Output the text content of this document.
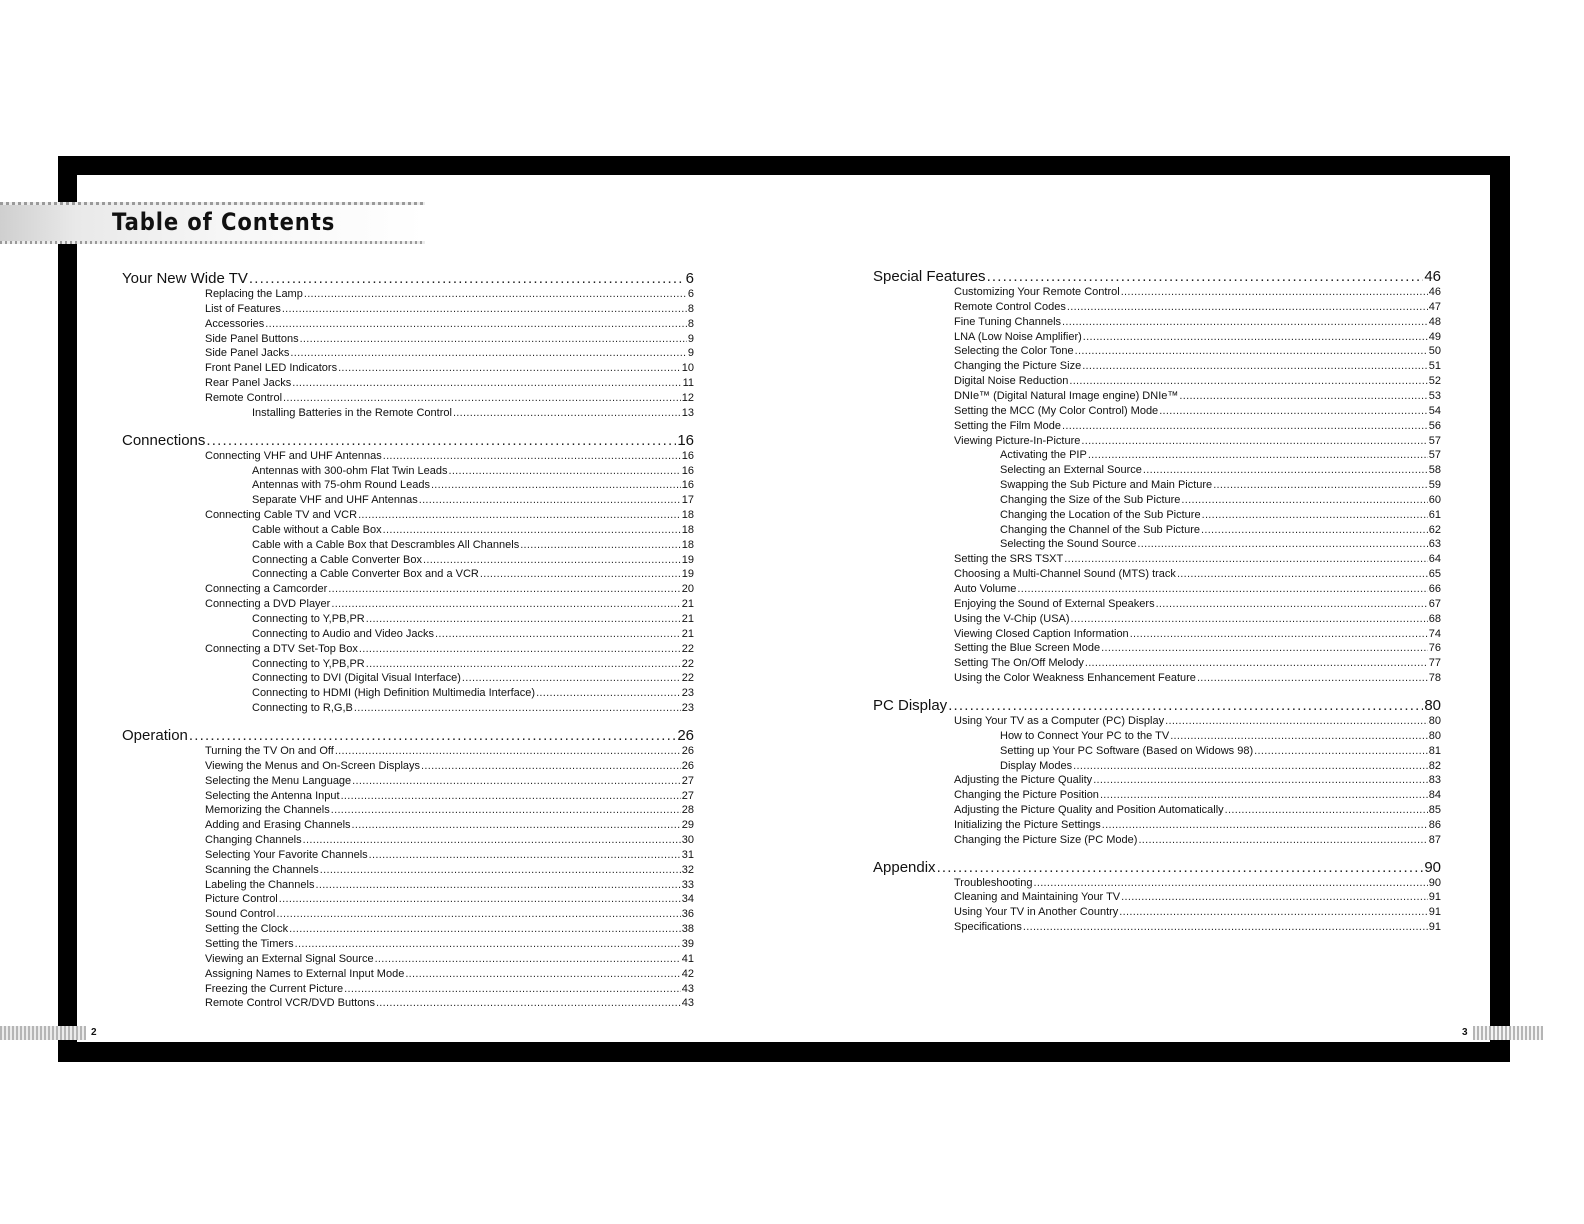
Table of Contents
2	3
Your New Wide TV .....	6
Replacing the Lamp .....	6
List of Features .....	8
Accessories .....	8
Side Panel Buttons .....	9
Side Panel Jacks .....	9
Front Panel LED Indicators .....	10
Rear Panel Jacks .....	11
Remote Control .....	12
Installing Batteries in the Remote Control .....	13
Connections .....	16
Connecting VHF and UHF Antennas .....	16
Antennas with 300-ohm Flat Twin Leads .....	16
Antennas with 75-ohm Round Leads .....	16
Separate VHF and UHF Antennas .....	17
Connecting Cable TV and VCR .....	18
Cable without a Cable Box .....	18
Cable with a Cable Box that Descrambles All Channels .....	18
Connecting a Cable Converter Box .....	19
Connecting a Cable Converter Box and a VCR .....	19
Connecting a Camcorder .....	20
Connecting a DVD Player .....	21
Connecting to Y,PB,PR .....	21
Connecting to Audio and Video Jacks .....	21
Connecting a DTV Set-Top Box .....	22
Connecting to Y,PB,PR .....	22
Connecting to DVI (Digital Visual Interface) .....	22
Connecting to HDMI (High Definition Multimedia Interface) .....	23
Connecting to R,G,B .....	23
Operation .....	26
Turning the TV On and Off .....	26
Viewing the Menus and On-Screen Displays .....	26
Selecting the Menu Language .....	27
Selecting the Antenna Input .....	27
Memorizing the Channels .....	28
Adding and Erasing Channels .....	29
Changing Channels .....	30
Selecting Your Favorite Channels .....	31
Scanning the Channels .....	32
Labeling the Channels .....	33
Picture Control .....	34
Sound Control .....	36
Setting the Clock .....	38
Setting the Timers .....	39
Viewing an External Signal Source .....	41
Assigning Names to External Input Mode .....	42
Freezing the Current Picture .....	43
Remote Control VCR/DVD Buttons .....	43
Special Features .....	46
Customizing Your Remote Control .....	46
Remote Control Codes .....	47
Fine Tuning Channels .....	48
LNA (Low Noise Amplifier) .....	49
Selecting the Color Tone .....	50
Changing the Picture Size .....	51
Digital Noise Reduction .....	52
DNIe™ (Digital Natural Image engine) DNIe™ .....	53
Setting the MCC (My Color Control) Mode .....	54
Setting the Film Mode .....	56
Viewing Picture-In-Picture .....	57
Activating the PIP .....	57
Selecting an External Source .....	58
Swapping the Sub Picture and Main Picture .....	59
Changing the Size of the Sub Picture .....	60
Changing the Location of the Sub Picture .....	61
Changing the Channel of the Sub Picture .....	62
Selecting the Sound Source .....	63
Setting the SRS TSXT .....	64
Choosing a Multi-Channel Sound (MTS) track .....	65
Auto Volume .....	66
Enjoying the Sound of External Speakers .....	67
Using the V-Chip (USA) .....	68
Viewing Closed Caption Information .....	74
Setting the Blue Screen Mode .....	76
Setting The On/Off Melody .....	77
Using the Color Weakness Enhancement Feature .....	78
PC Display .....	80
Using Your TV as a Computer (PC) Display .....	80
How to Connect Your PC to the TV .....	80
Setting up Your PC Software (Based on Widows 98) .....	81
Display Modes .....	82
Adjusting the Picture Quality .....	83
Changing the Picture Position .....	84
Adjusting the Picture Quality and Position Automatically .....	85
Initializing the Picture Settings .....	86
Changing the Picture Size (PC Mode) .....	87
Appendix .....	90
Troubleshooting .....	90
Cleaning and Maintaining Your TV .....	91
Using Your TV in Another Country .....	91
Specifications .....	91
